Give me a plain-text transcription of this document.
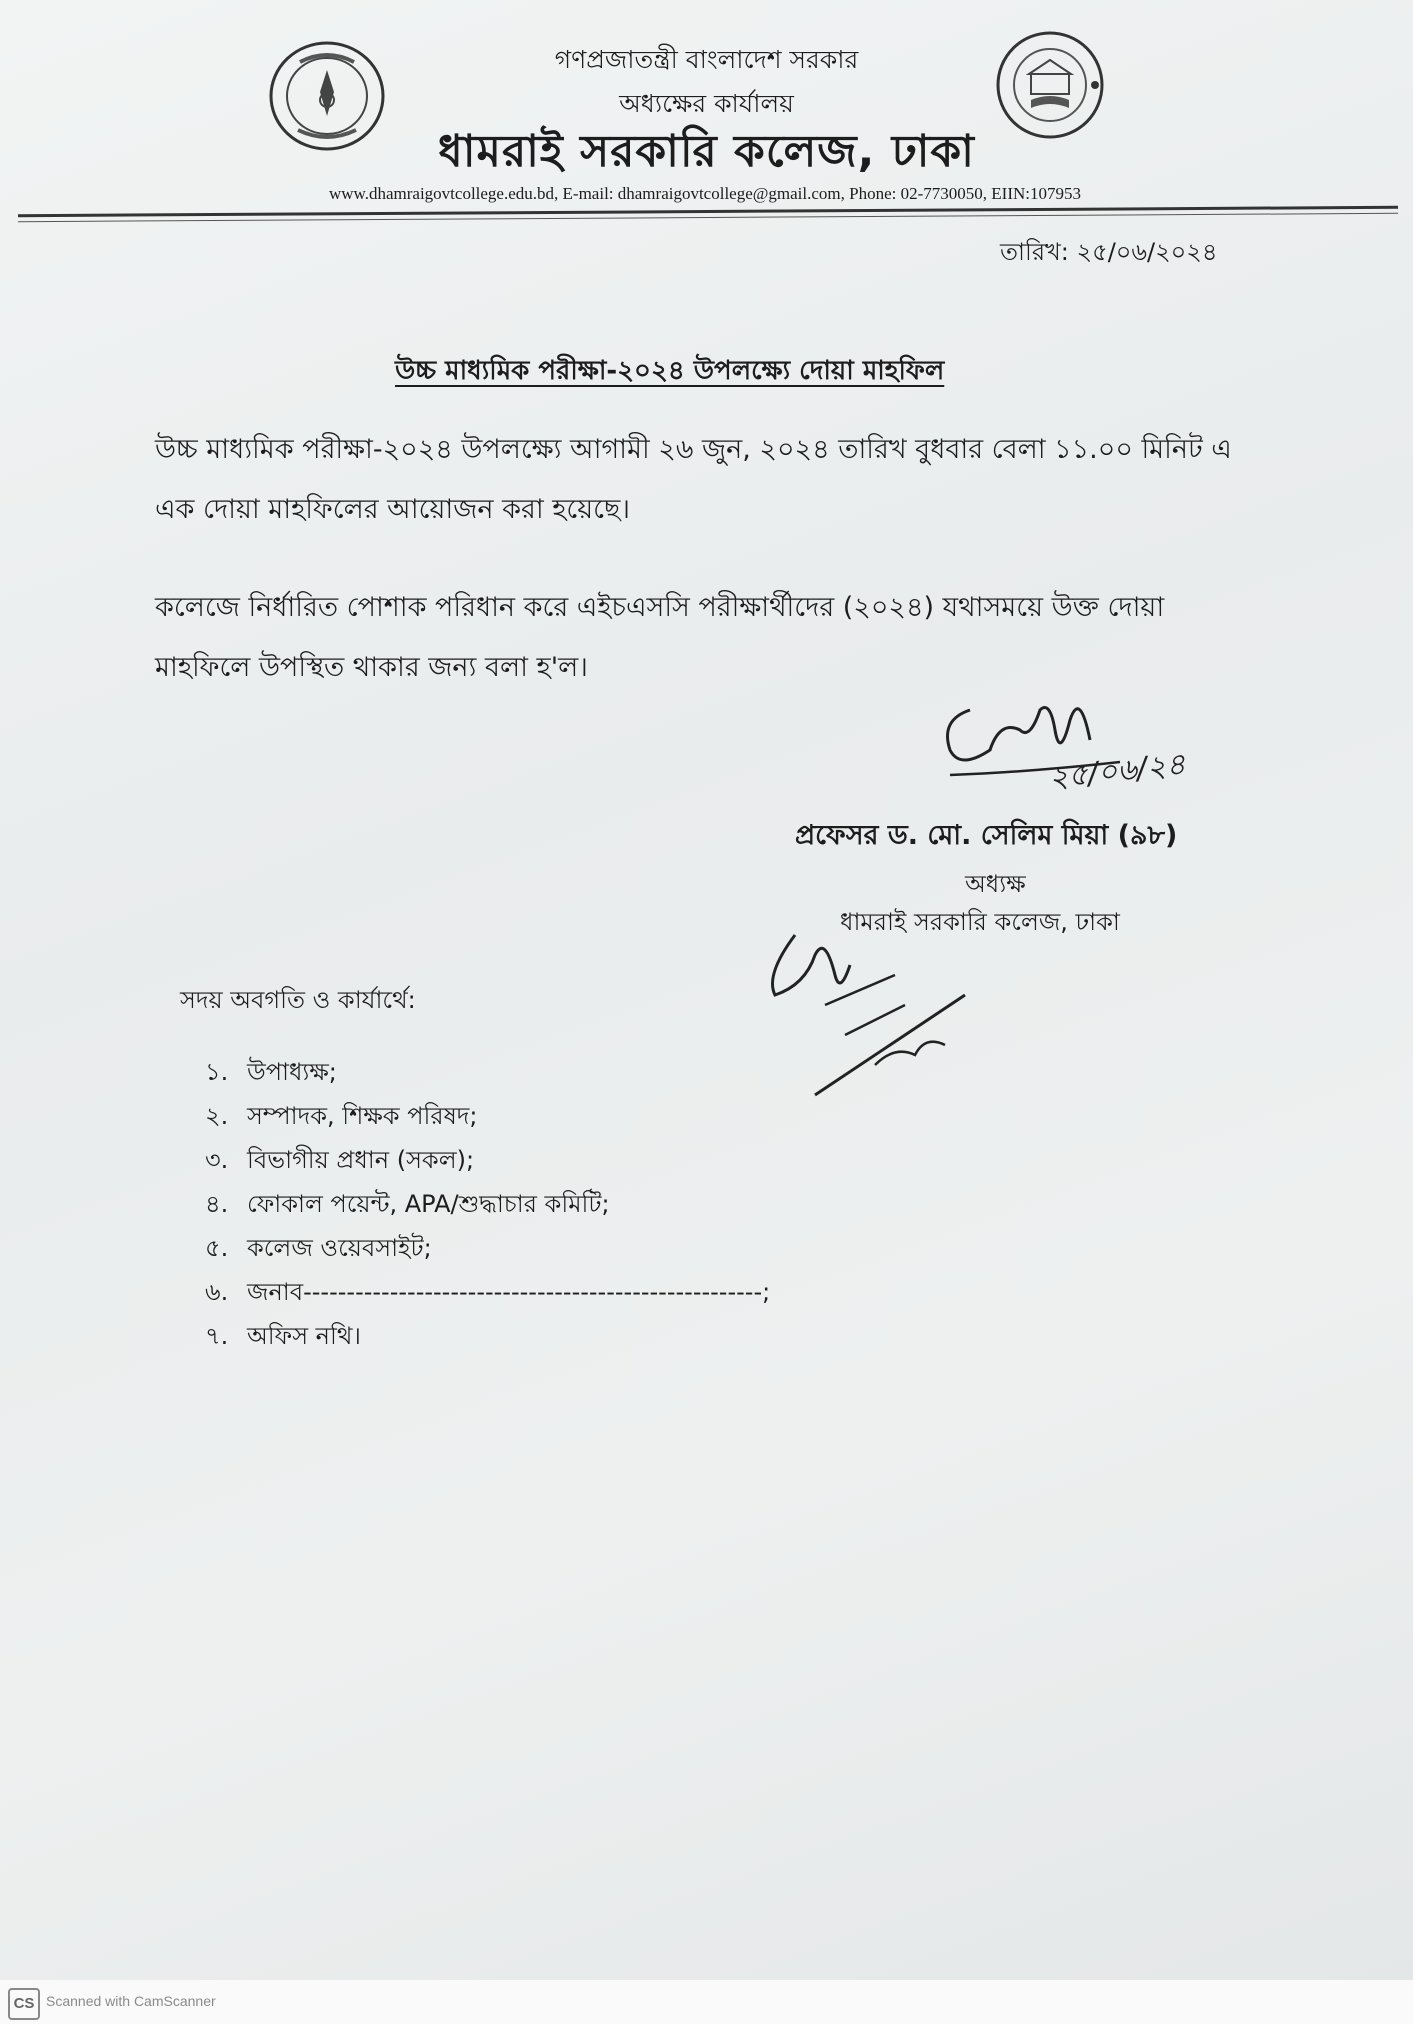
গণপ্রজাতন্ত্রী বাংলাদেশ সরকার
অধ্যক্ষের কার্যালয়
ধামরাই সরকারি কলেজ, ঢাকা
www.dhamraigovtcollege.edu.bd, E-mail: dhamraigovtcollege@gmail.com, Phone: 02-7730050, EIIN:107953
তারিখ: ২৫/০৬/২০২৪
উচ্চ মাধ্যমিক পরীক্ষা-২০২৪ উপলক্ষ্যে দোয়া মাহফিল
উচ্চ মাধ্যমিক পরীক্ষা-২০২৪ উপলক্ষ্যে আগামী ২৬ জুন, ২০২৪ তারিখ বুধবার বেলা ১১.০০ মিনিট এ এক দোয়া মাহফিলের আয়োজন করা হয়েছে।
কলেজে নির্ধারিত পোশাক পরিধান করে এইচএসসি পরীক্ষার্থীদের (২০২৪) যথাসময়ে উক্ত দোয়া মাহফিলে উপস্থিত থাকার জন্য বলা হ'ল।
২৫/০৬/২৪
প্রফেসর ড. মো. সেলিম মিয়া (৯৮)
অধ্যক্ষ
ধামরাই সরকারি কলেজ, ঢাকা
সদয় অবগতি ও কার্যার্থে:
১. উপাধ্যক্ষ;
২. সম্পাদক, শিক্ষক পরিষদ;
৩. বিভাগীয় প্রধান (সকল);
৪. ফোকাল পয়েন্ট, APA/শুদ্ধাচার কমিটি;
৫. কলেজ ওয়েবসাইট;
৬. জনাব-----------------------------------------------------;
৭. অফিস নথি।
CS Scanned with CamScanner
